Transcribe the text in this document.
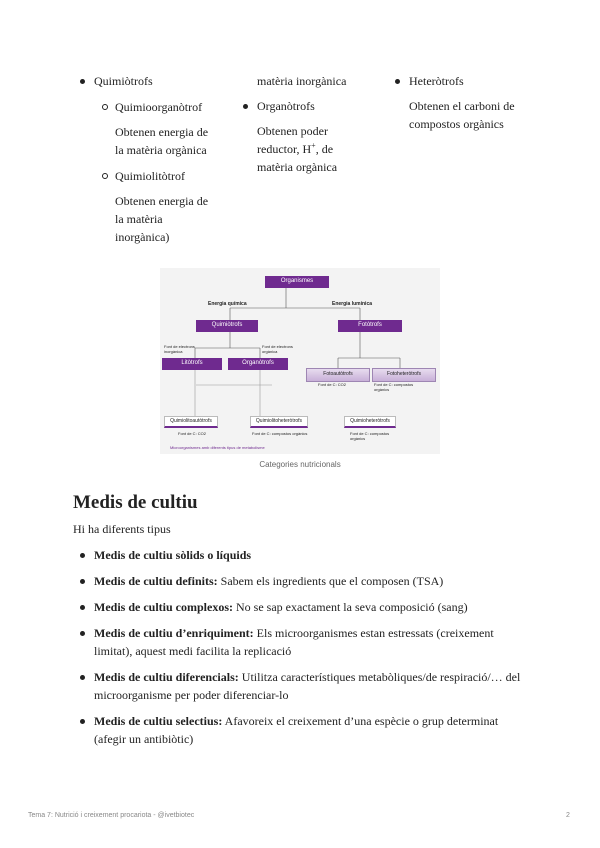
Quimiòtrofs
Quimioorganòtrof
Obtenen energia de la matèria orgànica
Quimiolitòtrof
Obtenen energia de la matèria inorgànica)
matèria inorgànica
Organòtrofs
Obtenen poder reductor, H+, de matèria orgànica
Heteròtrofs
Obtenen el carboni de compostos orgànics
Organismes
Energia química	Energia lumínica
Quimiòtrofs	Fotòtrofs
Font de electrons inorgànica
Font de electrons orgànica
Litòtrofs	Organòtrofs
Fotoautòtrofs	Fotoheteròtrofs
Font de C: CO2	Font de C: compostos orgànics
Quimiolitoautòtrofs	Quimiolitoheteròtrofs	Quimioheteròtrofs
Font de C: CO2	Font de C: compostos orgànics	Font de C: compostos orgànics
Microorganismes amb diferents tipus de metabolisme
Categories nutricionals
Medis de cultiu
Hi ha diferents tipus
Medis de cultiu sòlids o líquids
Medis de cultiu definits: Sabem els ingredients que el composen (TSA)
Medis de cultiu complexos: No se sap exactament la seva composició (sang)
Medis de cultiu d’enriquiment: Els microorganismes estan estressats (creixement limitat), aquest medi facilita la replicació
Medis de cultiu diferencials: Utilitza característiques metabòliques/de respiració/… del microorganisme per poder diferenciar-lo
Medis de cultiu selectius: Afavoreix el creixement d’una espècie o grup determinat (afegir un antibiòtic)
Tema 7: Nutrició i creixement procariota - @ivetbiotec	2
